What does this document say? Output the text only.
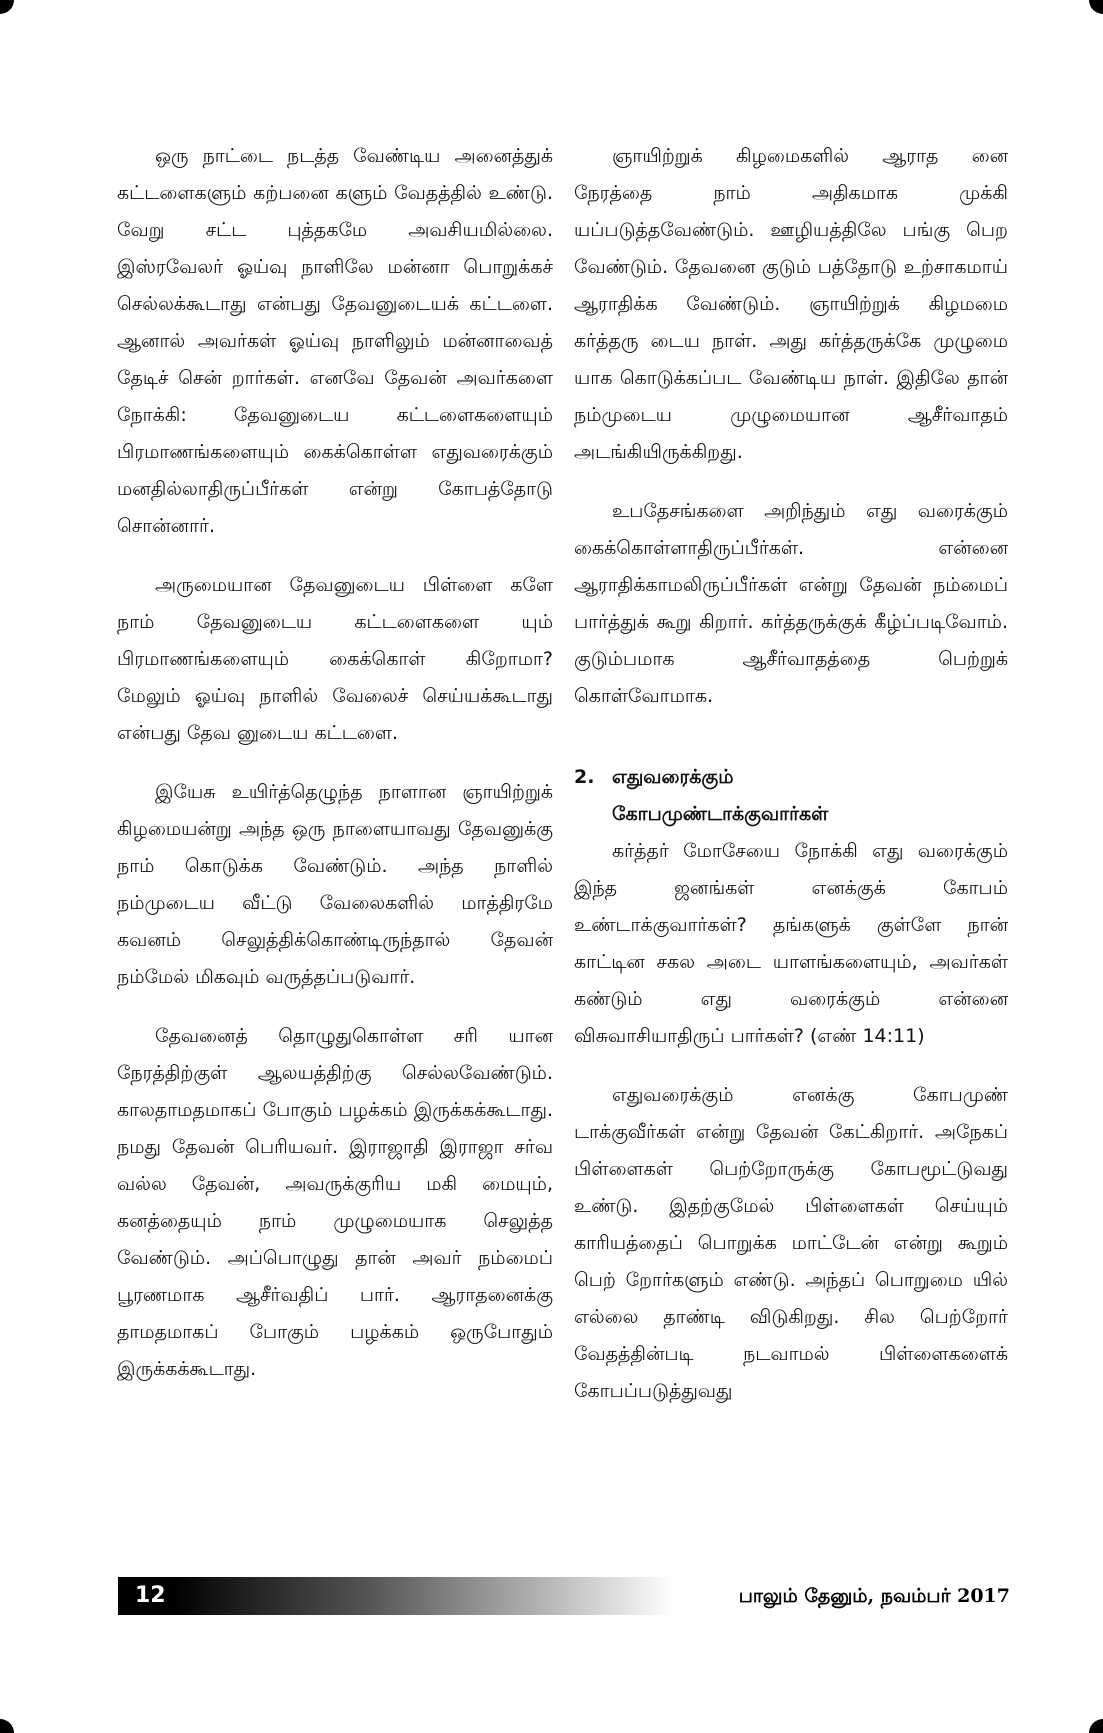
ஒரு நாட்டை நடத்த வேண்டிய அனைத்துக் கட்டளைகளும் கற்பனை களும் வேதத்தில் உண்டு. வேறு சட்ட புத்தகமே அவசியமில்லை. இஸ்ரவேலர் ஓய்வு நாளிலே மன்னா பொறுக்கச் செல்லக்கூடாது என்பது தேவனுடையக் கட்டளை. ஆனால் அவர்கள் ஓய்வு நாளிலும் மன்னாவைத் தேடிச் சென் றார்கள். எனவே தேவன் அவர்களை நோக்கி: தேவனுடைய கட்டளைகளையும் பிரமாணங்களையும் கைக்கொள்ள எதுவரைக்கும் மனதில்லாதிருப்பீர்கள் என்று கோபத்தோடு சொன்னார்.

அருமையான தேவனுடைய பிள்ளை களே நாம் தேவனுடைய கட்டளைகளை யும் பிரமாணங்களையும் கைக்கொள் கிறோமா? மேலும் ஓய்வு நாளில் வேலைச் செய்யக்கூடாது என்பது தேவ னுடைய கட்டளை.

இயேசு உயிர்த்தெழுந்த நாளான ஞாயிற்றுக் கிழமையன்று அந்த ஒரு நாளையாவது தேவனுக்கு நாம் கொடுக்க வேண்டும். அந்த நாளில் நம்முடைய வீட்டு வேலைகளில் மாத்திரமே கவனம் செலுத்திக்கொண்டிருந்தால் தேவன் நம்மேல் மிகவும் வருத்தப்படுவார்.

தேவனைத் தொழுதுகொள்ள சரி யான நேரத்திற்குள் ஆலயத்திற்கு செல்லவேண்டும். காலதாமதமாகப் போகும் பழக்கம் இருக்கக்கூடாது. நமது தேவன் பெரியவர். இராஜாதி இராஜா சர்வ வல்ல தேவன், அவருக்குரிய மகி மையும், கனத்தையும் நாம் முழுமையாக செலுத்த வேண்டும். அப்பொழுது தான் அவர் நம்மைப் பூரணமாக ஆசீர்வதிப் பார். ஆராதனைக்கு தாமதமாகப் போகும் பழக்கம் ஒருபோதும் இருக்கக்கூடாது.

ஞாயிற்றுக் கிழமைகளில் ஆராத னை நேரத்தை நாம் அதிகமாக முக்கி யப்படுத்தவேண்டும். ஊழியத்திலே பங்கு பெற வேண்டும். தேவனை குடும் பத்தோடு உற்சாகமாய் ஆராதிக்க வேண்டும். ஞாயிற்றுக் கிழமமை கர்த்தரு டைய நாள். அது கர்த்தருக்கே முழுமை யாக கொடுக்கப்பட வேண்டிய நாள். இதிலே தான் நம்முடைய முழுமையான ஆசீர்வாதம் அடங்கியிருக்கிறது.

உபதேசங்களை அறிந்தும் எது வரைக்கும் கைக்கொள்ளாதிருப்பீர்கள். என்னை ஆராதிக்காமலிருப்பீர்கள் என்று தேவன் நம்மைப் பார்த்துக் கூறு கிறார். கர்த்தருக்குக் கீழ்ப்படிவோம். குடும்பமாக ஆசீர்வாதத்தை பெற்றுக் கொள்வோமாக.

2. எதுவரைக்கும்
கோபமுண்டாக்குவார்கள்

கர்த்தர் மோசேயை நோக்கி எது வரைக்கும் இந்த ஜனங்கள் எனக்குக் கோபம் உண்டாக்குவார்கள்? தங்களுக் குள்ளே நான் காட்டின சகல அடை யாளங்களையும், அவர்கள் கண்டும் எது வரைக்கும் என்னை விசுவாசியாதிருப் பார்கள்? (எண் 14:11)

எதுவரைக்கும் எனக்கு கோபமுண் டாக்குவீர்கள் என்று தேவன் கேட்கிறார். அநேகப் பிள்ளைகள் பெற்றோருக்கு கோபமூட்டுவது உண்டு. இதற்குமேல் பிள்ளைகள் செய்யும் காரியத்தைப் பொறுக்க மாட்டேன் என்று கூறும் பெற் றோர்களும் எண்டு. அந்தப் பொறுமை யில் எல்லை தாண்டி விடுகிறது. சில பெற்றோர் வேதத்தின்படி நடவாமல் பிள்ளைகளைக் கோபப்படுத்துவது

12	பாலும் தேனும், நவம்பர் 2017
